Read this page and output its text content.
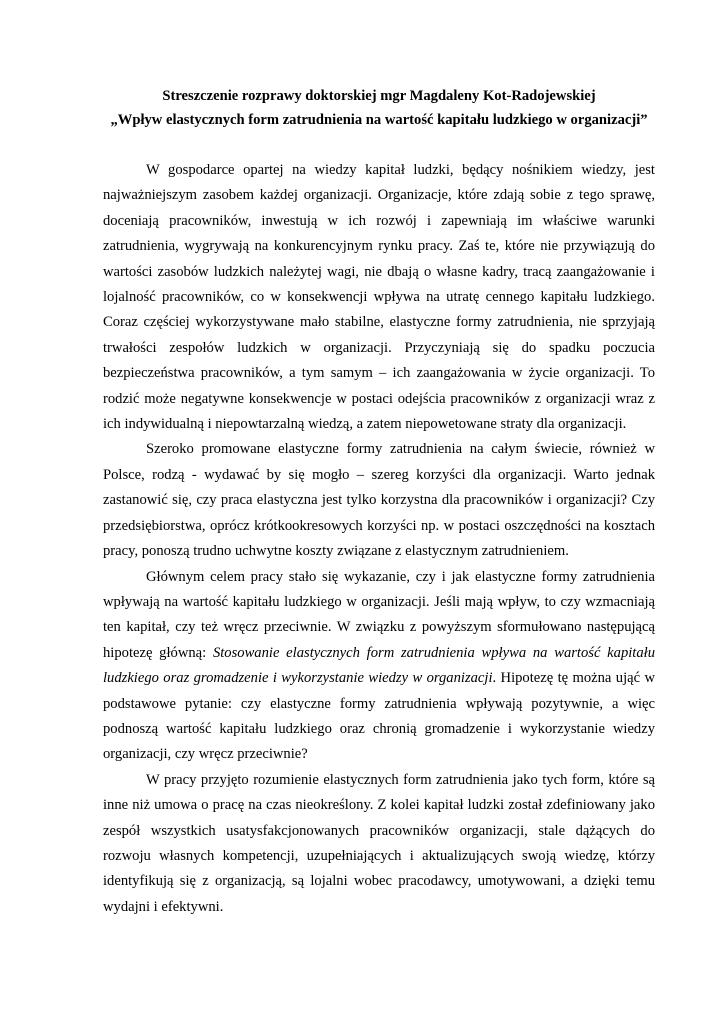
Streszczenie rozprawy doktorskiej mgr Magdaleny Kot-Radojewskiej

„Wpływ elastycznych form zatrudnienia na wartość kapitału ludzkiego w organizacji”

W gospodarce opartej na wiedzy kapitał ludzki, będący nośnikiem wiedzy, jest najważniejszym zasobem każdej organizacji. Organizacje, które zdają sobie z tego sprawę, doceniają pracowników, inwestują w ich rozwój i zapewniają im właściwe warunki zatrudnienia, wygrywają na konkurencyjnym rynku pracy. Zaś te, które nie przywiązują do wartości zasobów ludzkich należytej wagi, nie dbają o własne kadry, tracą zaangażowanie i lojalność pracowników, co w konsekwencji wpływa na utratę cennego kapitału ludzkiego. Coraz częściej wykorzystywane mało stabilne, elastyczne formy zatrudnienia, nie sprzyjają trwałości zespołów ludzkich w organizacji. Przyczyniają się do spadku poczucia bezpieczeństwa pracowników, a tym samym – ich zaangażowania w życie organizacji. To rodzić może negatywne konsekwencje w postaci odejścia pracowników z organizacji wraz z ich indywidualną i niepowtarzalną wiedzą, a zatem niepowetowane straty dla organizacji.

Szeroko promowane elastyczne formy zatrudnienia na całym świecie, również w Polsce, rodzą - wydawać by się mogło – szereg korzyści dla organizacji. Warto jednak zastanowić się, czy praca elastyczna jest tylko korzystna dla pracowników i organizacji? Czy przedsiębiorstwa, oprócz krótkookresowych korzyści np. w postaci oszczędności na kosztach pracy, ponoszą trudno uchwytne koszty związane z elastycznym zatrudnieniem.

Głównym celem pracy stało się wykazanie, czy i jak elastyczne formy zatrudnienia wpływają na wartość kapitału ludzkiego w organizacji. Jeśli mają wpływ, to czy wzmacniają ten kapitał, czy też wręcz przeciwnie. W związku z powyższym sformułowano następującą hipotezę główną: Stosowanie elastycznych form zatrudnienia wpływa na wartość kapitału ludzkiego oraz gromadzenie i wykorzystanie wiedzy w organizacji. Hipotezę tę można ująć w podstawowe pytanie: czy elastyczne formy zatrudnienia wpływają pozytywnie, a więc podnoszą wartość kapitału ludzkiego oraz chronią gromadzenie i wykorzystanie wiedzy organizacji, czy wręcz przeciwnie?

W pracy przyjęto rozumienie elastycznych form zatrudnienia jako tych form, które są inne niż umowa o pracę na czas nieokreślony. Z kolei kapitał ludzki został zdefiniowany jako zespół wszystkich usatysfakcjonowanych pracowników organizacji, stale dążących do rozwoju własnych kompetencji, uzupełniających i aktualizujących swoją wiedzę, którzy identyfikują się z organizacją, są lojalni wobec pracodawcy, umotywowani, a dzięki temu wydajni i efektywni.
